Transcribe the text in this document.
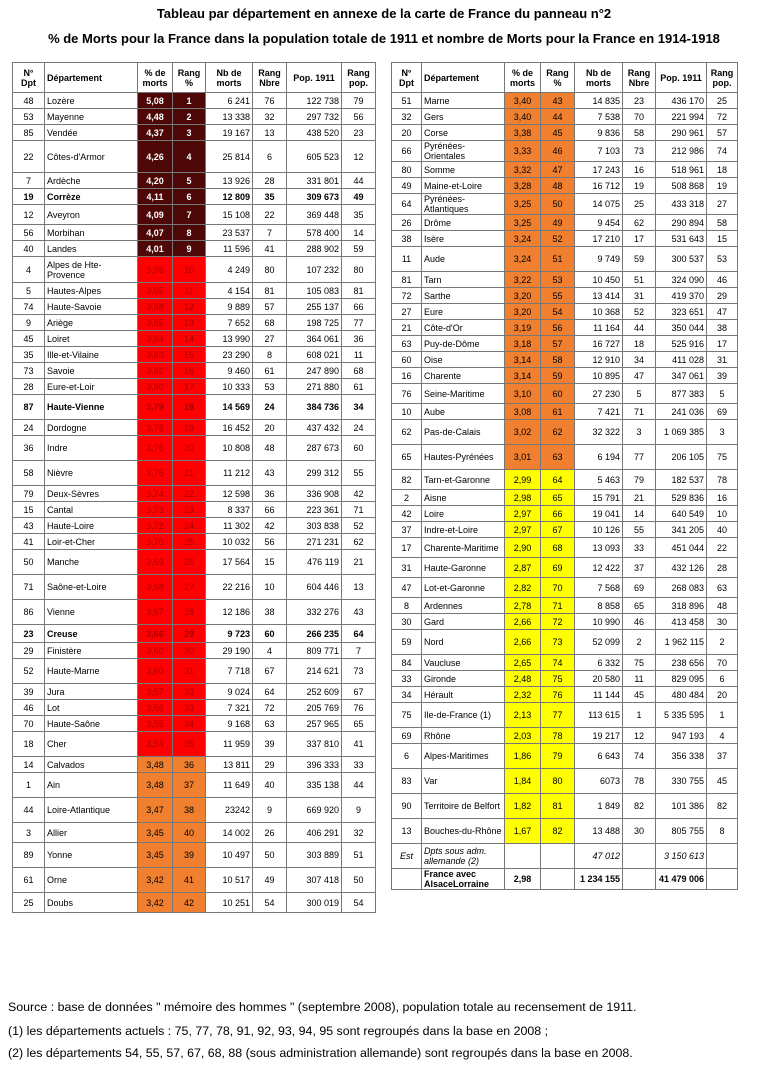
Tableau par département en annexe de la carte de France du panneau n°2
% de Morts pour la France dans la population totale de 1911 et nombre de Morts pour la France en 1914-1918
N° Dpt	Département	% de morts	Rang %	Nb de morts	Rang Nbre	Pop. 1911	Rang pop.
48	Lozère	5,08	1	6 241	76	122 738	79
53	Mayenne	4,48	2	13 338	32	297 732	56
85	Vendée	4,37	3	19 167	13	438 520	23
22	Côtes-d'Armor	4,26	4	25 814	6	605 523	12
7	Ardèche	4,20	5	13 926	28	331 801	44
19	Corrèze	4,11	6	12 809	35	309 673	49
12	Aveyron	4,09	7	15 108	22	369 448	35
56	Morbihan	4,07	8	23 537	7	578 400	14
40	Landes	4,01	9	11 596	41	288 902	59
4	Alpes de Hte-Provence	3,96	10	4 249	80	107 232	80
5	Hautes-Alpes	3,95	11	4 154	81	105 083	81
74	Haute-Savoie	3,88	12	9 889	57	255 137	66
9	Ariège	3,85	13	7 652	68	198 725	77
45	Loiret	3,84	14	13 990	27	364 061	36
35	Ille-et-Vilaine	3,83	15	23 290	8	608 021	11
73	Savoie	3,82	16	9 460	61	247 890	68
28	Eure-et-Loir	3,80	17	10 333	53	271 880	61
87	Haute-Vienne	3,79	18	14 569	24	384 736	34
24	Dordogne	3,78	19	16 452	20	437 432	24
36	Indre	3,76	20	10 808	48	287 673	60
58	Nièvre	3,75	21	11 212	43	299 312	55
79	Deux-Sèvres	3,74	22	12 598	36	336 908	42
15	Cantal	3,73	23	8 337	66	223 361	71
43	Haute-Loire	3,72	24	11 302	42	303 838	52
41	Loir-et-Cher	3,70	25	10 032	56	271 231	62
50	Manche	3,69	26	17 564	15	476 119	21
71	Saône-et-Loire	3,68	27	22 216	10	604 446	13
86	Vienne	3,67	28	12 186	38	332 276	43
23	Creuse	3,66	29	9 723	60	266 235	64
29	Finistère	3,60	30	29 190	4	809 771	7
52	Haute-Marne	3,60	31	7 718	67	214 621	73
39	Jura	3,57	32	9 024	64	252 609	67
46	Lot	3,56	33	7 321	72	205 769	76
70	Haute-Saône	3,55	34	9 168	63	257 965	65
18	Cher	3,54	35	11 959	39	337 810	41
14	Calvados	3,48	36	13 811	29	396 333	33
1	Ain	3,48	37	11 649	40	335 138	44
44	Loire-Atlantique	3,47	38	23242	9	669 920	9
3	Allier	3,45	40	14 002	26	406 291	32
89	Yonne	3,45	39	10 497	50	303 889	51
61	Orne	3,42	41	10 517	49	307 418	50
25	Doubs	3,42	42	10 251	54	300 019	54
N° Dpt	Département	% de morts	Rang %	Nb de morts	Rang Nbre	Pop. 1911	Rang pop.
51	Marne	3,40	43	14 835	23	436 170	25
32	Gers	3,40	44	7 538	70	221 994	72
20	Corse	3,38	45	9 836	58	290 961	57
66	Pyrénées-Orientales	3,33	46	7 103	73	212 986	74
80	Somme	3,32	47	17 243	16	518 961	18
49	Maine-et-Loire	3,28	48	16 712	19	508 868	19
64	Pyrénées-Atlantiques	3,25	50	14 075	25	433 318	27
26	Drôme	3,25	49	9 454	62	290 894	58
38	Isère	3,24	52	17 210	17	531 643	15
11	Aude	3,24	51	9 749	59	300 537	53
81	Tarn	3,22	53	10 450	51	324 090	46
72	Sarthe	3,20	55	13 414	31	419 370	29
27	Eure	3,20	54	10 368	52	323 651	47
21	Côte-d'Or	3,19	56	11 164	44	350 044	38
63	Puy-de-Dôme	3,18	57	16 727	18	525 916	17
60	Oise	3,14	58	12 910	34	411 028	31
16	Charente	3,14	59	10 895	47	347 061	39
76	Seine-Maritime	3,10	60	27 230	5	877 383	5
10	Aube	3,08	61	7 421	71	241 036	69
62	Pas-de-Calais	3,02	62	32 322	3	1 069 385	3
65	Hautes-Pyrénées	3,01	63	6 194	77	206 105	75
82	Tarn-et-Garonne	2,99	64	5 463	79	182 537	78
2	Aisne	2,98	65	15 791	21	529 836	16
42	Loire	2,97	66	19 041	14	640 549	10
37	Indre-et-Loire	2,97	67	10 126	55	341 205	40
17	Charente-Maritime	2,90	68	13 093	33	451 044	22
31	Haute-Garonne	2,87	69	12 422	37	432 126	28
47	Lot-et-Garonne	2,82	70	7 568	69	268 083	63
8	Ardennes	2,78	71	8 858	65	318 896	48
30	Gard	2,66	72	10 990	46	413 458	30
59	Nord	2,66	73	52 099	2	1 962 115	2
84	Vaucluse	2,65	74	6 332	75	238 656	70
33	Gironde	2,48	75	20 580	11	829 095	6
34	Hérault	2,32	76	11 144	45	480 484	20
75	Ile-de-France (1)	2,13	77	113 615	1	5 335 595	1
69	Rhône	2,03	78	19 217	12	947 193	4
6	Alpes-Maritimes	1,86	79	6 643	74	356 338	37
83	Var	1,84	80	6073	78	330 755	45
90	Territoire de Belfort	1,82	81	1 849	82	101 386	82
13	Bouches-du-Rhône	1,67	82	13 488	30	805 755	8
Est	Dpts sous adm. allemande (2)			47 012		3 150 613	
	France avec AlsaceLorraine	2,98		1 234 155		41 479 006	
Source : base de données " mémoire des hommes " (septembre 2008), population totale au recensement de 1911.
(1) les départements actuels : 75, 77, 78, 91, 92, 93, 94, 95 sont regroupés dans la base en 2008 ;
(2) les départements 54, 55, 57, 67, 68, 88 (sous administration allemande) sont regroupés dans la base en 2008.
